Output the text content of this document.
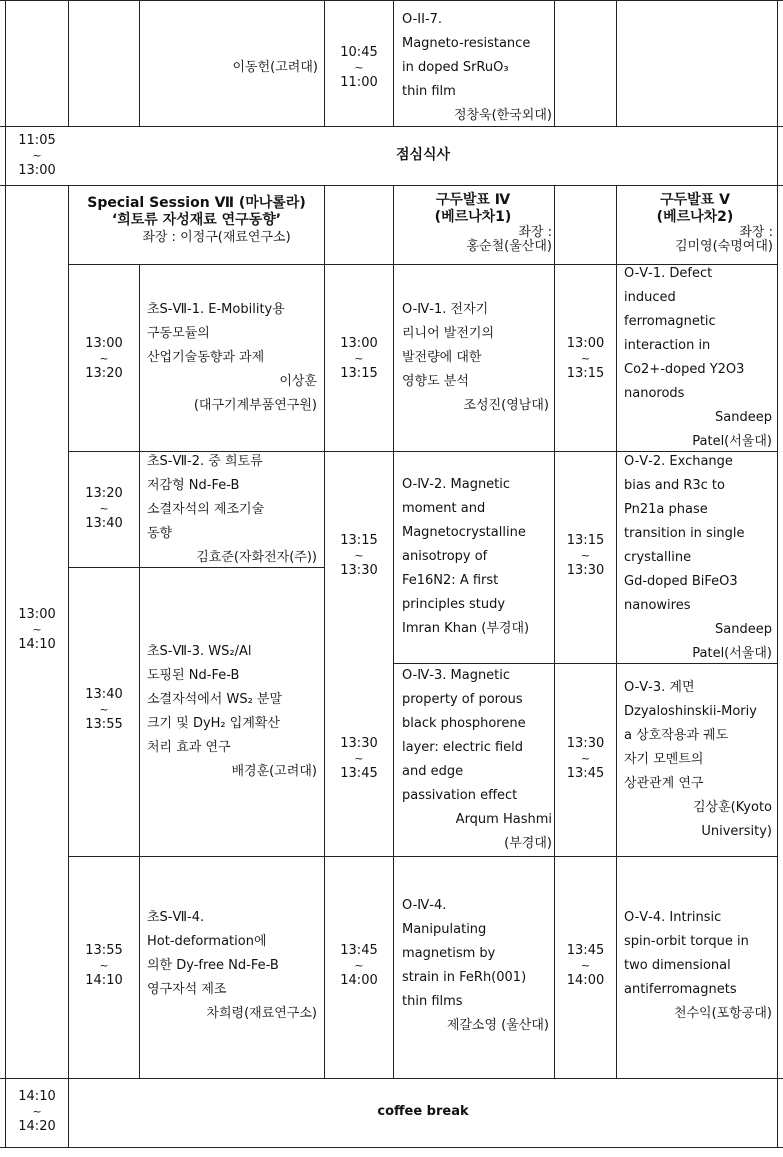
이동헌(고려대)
10:45
~
11:00
O-II-7.
Magneto-resistance
in doped SrRuO₃
thin film
정창욱(한국외대)
11:05
~
13:00
점심식사
13:00
~
14:10
Special Session Ⅶ (마나롤라)
‘희토류 자성재료 연구동향’
좌장 : 이정구(재료연구소)
구두발표 Ⅳ
(베르나차1)
좌장 :
홍순철(울산대)
구두발표 Ⅴ
(베르나차2)
좌장 :
김미영(숙명여대)
13:00
~
13:20
초S-Ⅶ-1. E-Mobility용
구동모듈의
산업기술동향과 과제
이상훈
(대구기계부품연구원)
13:20
~
13:40
초S-Ⅶ-2. 중 희토류
저감형 Nd-Fe-B
소결자석의 제조기술
동향
김효준(자화전자(주))
13:40
~
13:55
초S-Ⅶ-3. WS₂/Al
도핑된 Nd-Fe-B
소결자석에서 WS₂ 분말
크기 및 DyH₂ 입계확산
처리 효과 연구
배경훈(고려대)
13:55
~
14:10
초S-Ⅶ-4.
Hot-deformation에
의한 Dy-free Nd-Fe-B
영구자석 제조
차희령(재료연구소)
13:00
~
13:15
O-Ⅳ-1. 전자기
리니어 발전기의
발전량에 대한
영향도 분석
조성진(영남대)
13:15
~
13:30
O-Ⅳ-2. Magnetic
moment and
Magnetocrystalline
anisotropy of
Fe16N2: A first
principles study
Imran Khan (부경대)
13:30
~
13:45
O-Ⅳ-3. Magnetic
property of porous
black phosphorene
layer: electric field
and edge
passivation effect
Arqum Hashmi
(부경대)
13:45
~
14:00
O-Ⅳ-4.
Manipulating
magnetism by
strain in FeRh(001)
thin films
제갈소영 (울산대)
13:00
~
13:15
O-Ⅴ-1. Defect
induced
ferromagnetic
interaction in
Co2+-doped Y2O3
nanorods
Sandeep
Patel(서울대)
13:15
~
13:30
O-Ⅴ-2. Exchange
bias and R3c to
Pn21a phase
transition in single
crystalline
Gd-doped BiFeO3
nanowires
Sandeep
Patel(서울대)
13:30
~
13:45
O-Ⅴ-3. 계면
Dzyaloshinskii-Moriy
a 상호작용과 궤도
자기 모멘트의
상관관계 연구
김상훈(Kyoto
University)
13:45
~
14:00
O-Ⅴ-4. Intrinsic
spin-orbit torque in
two dimensional
antiferromagnets
천수익(포항공대)
14:10
~
14:20
coffee break
